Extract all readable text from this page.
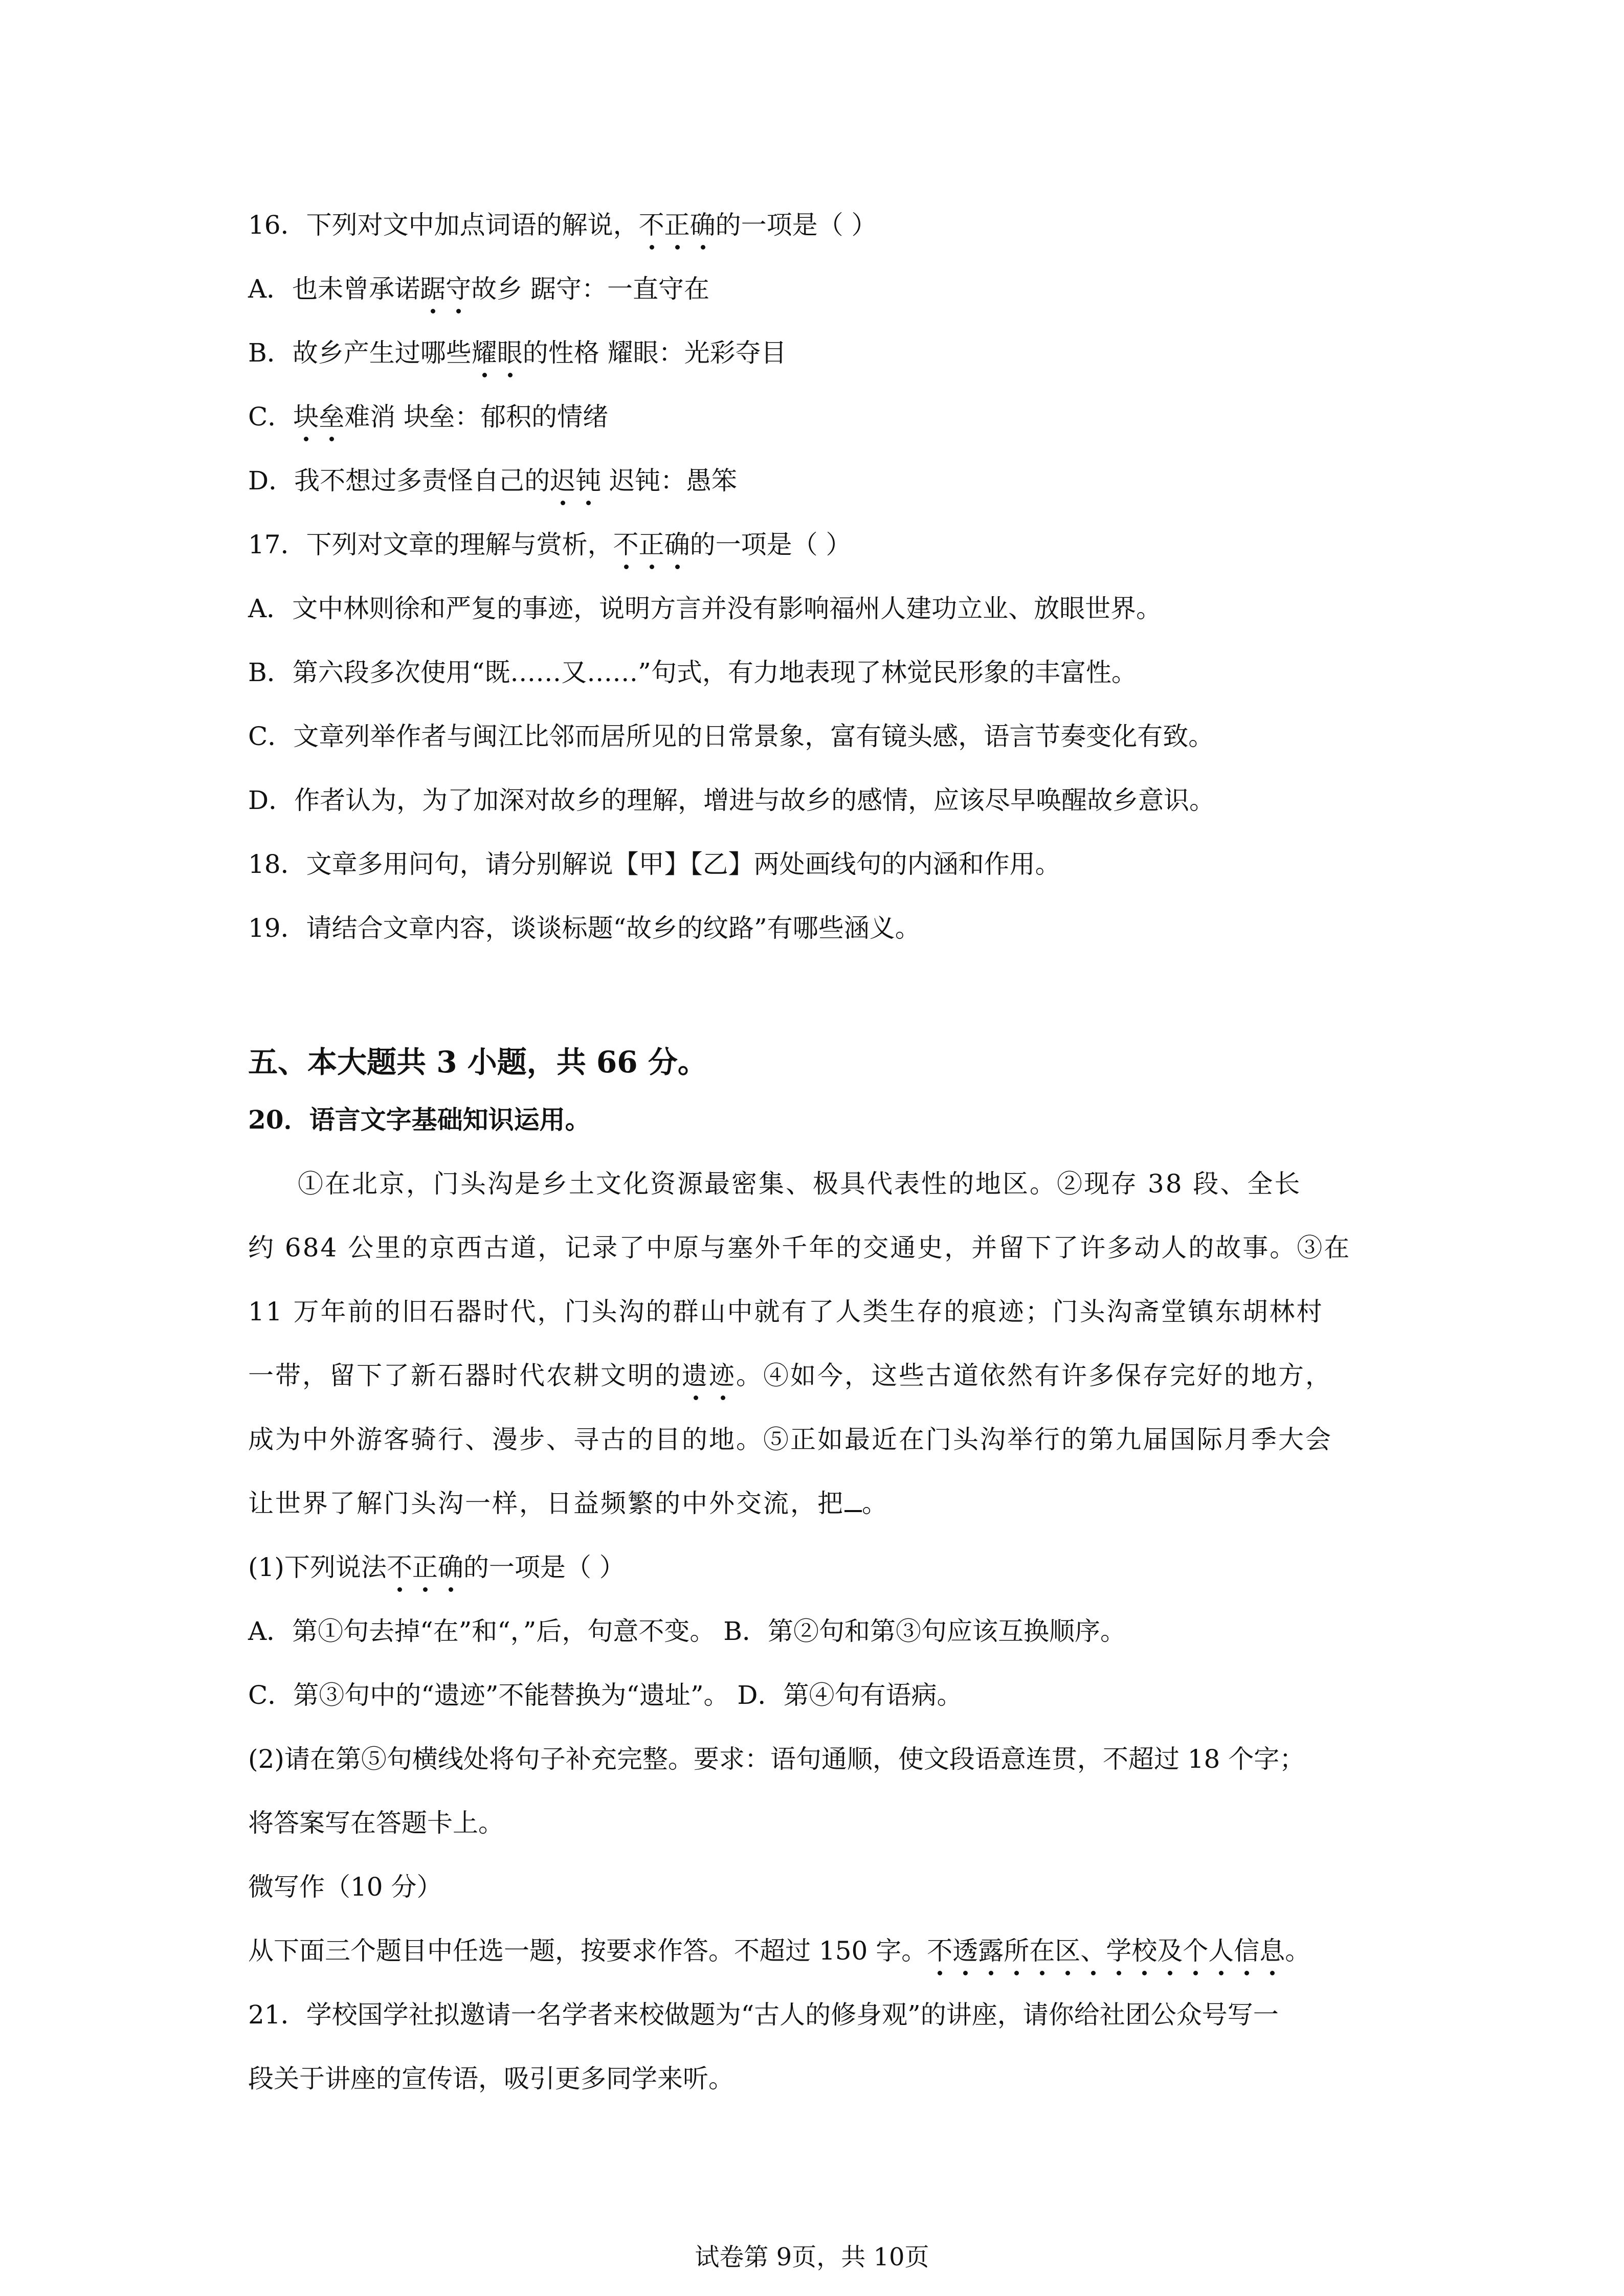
16．下列对文中加点词语的解说，不正确的一项是（ ）
A．也未曾承诺踞守故乡 踞守：一直守在
B．故乡产生过哪些耀眼的性格 耀眼：光彩夺目
C．块垒难消 块垒：郁积的情绪
D．我不想过多责怪自己的迟钝 迟钝：愚笨
17．下列对文章的理解与赏析，不正确的一项是（ ）
A．文中林则徐和严复的事迹，说明方言并没有影响福州人建功立业、放眼世界。
B．第六段多次使用“既……又……”句式，有力地表现了林觉民形象的丰富性。
C．文章列举作者与闽江比邻而居所见的日常景象，富有镜头感，语言节奏变化有致。
D．作者认为，为了加深对故乡的理解，增进与故乡的感情，应该尽早唤醒故乡意识。
18．文章多用问句，请分别解说【甲】【乙】两处画线句的内涵和作用。
19．请结合文章内容，谈谈标题“故乡的纹路”有哪些涵义。
五、本大题共 3 小题，共 66 分。
20．语言文字基础知识运用。
①在北京，门头沟是乡土文化资源最密集、极具代表性的地区。②现存 38 段、全长
约 684 公里的京西古道，记录了中原与塞外千年的交通史，并留下了许多动人的故事。③在
11 万年前的旧石器时代，门头沟的群山中就有了人类生存的痕迹；门头沟斋堂镇东胡林村
一带，留下了新石器时代农耕文明的遗迹。④如今，这些古道依然有许多保存完好的地方，
成为中外游客骑行、漫步、寻古的目的地。⑤正如最近在门头沟举行的第九届国际月季大会
让世界了解门头沟一样，日益频繁的中外交流，把 。
(1)下列说法不正确的一项是（ ）
A．第①句去掉“在”和“，”后，句意不变。 B．第②句和第③句应该互换顺序。
C．第③句中的“遗迹”不能替换为“遗址”。 D．第④句有语病。
(2)请在第⑤句横线处将句子补充完整。要求：语句通顺，使文段语意连贯，不超过 18 个字；
将答案写在答题卡上。
微写作（10 分）
从下面三个题目中任选一题，按要求作答。不超过 150 字。不透露所在区、学校及个人信息。
21．学校国学社拟邀请一名学者来校做题为“古人的修身观”的讲座，请你给社团公众号写一
段关于讲座的宣传语，吸引更多同学来听。
试卷第 9页，共 10页
